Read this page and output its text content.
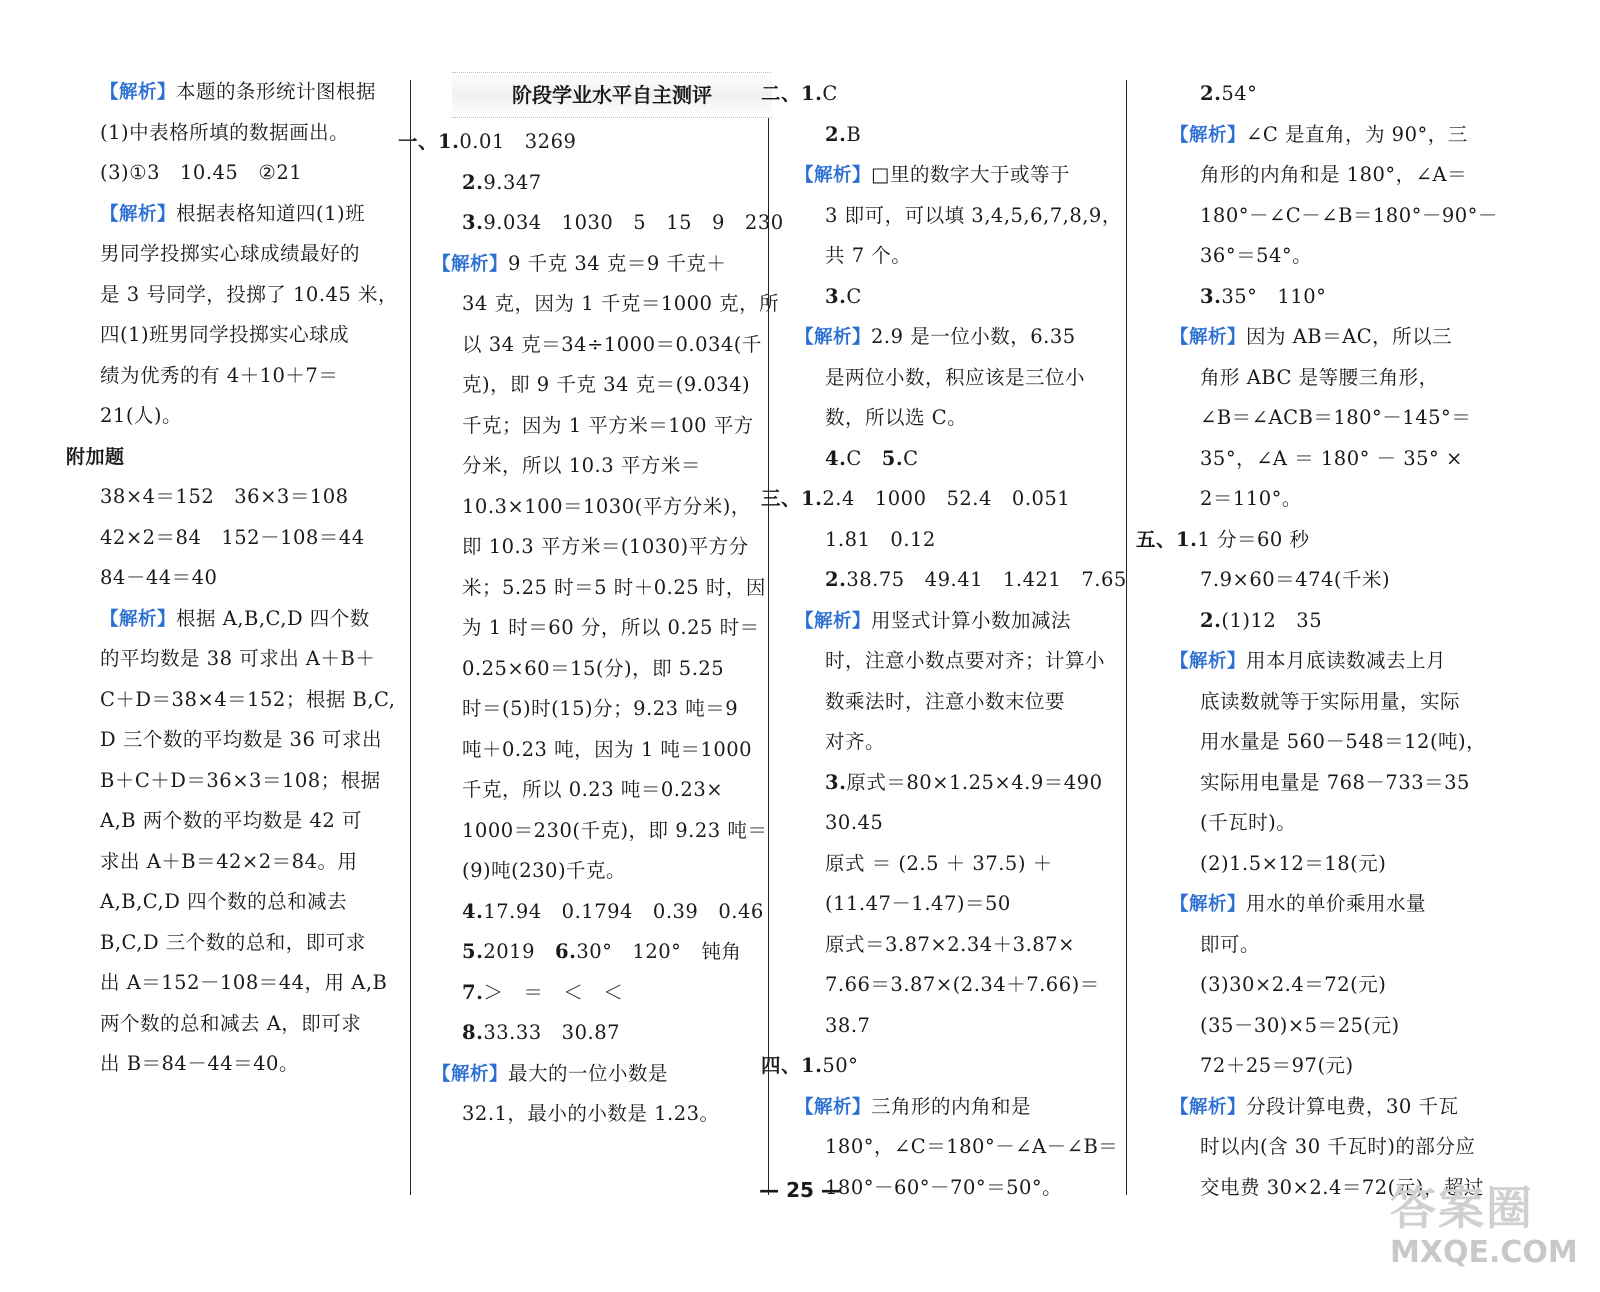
【解析】本题的条形统计图根据
(1)中表格所填的数据画出。
(3)①3　10.45　②21
【解析】根据表格知道四(1)班
男同学投掷实心球成绩最好的
是 3 号同学，投掷了 10.45 米，
四(1)班男同学投掷实心球成
绩为优秀的有 4＋10＋7＝
21(人)。
附加题
38×4＝152　36×3＝108
42×2＝84　152－108＝44
84－44＝40
【解析】根据 A,B,C,D 四个数
的平均数是 38 可求出 A＋B＋
C＋D＝38×4＝152；根据 B,C,
D 三个数的平均数是 36 可求出
B＋C＋D＝36×3＝108；根据
A,B 两个数的平均数是 42 可
求出 A＋B＝42×2＝84。用
A,B,C,D 四个数的总和减去
B,C,D 三个数的总和，即可求
出 A＝152－108＝44，用 A,B
两个数的总和减去 A，即可求
出 B＝84－44＝40。
阶段学业水平自主测评
一、1.0.01　3269
2.9.347
3.9.034　1030　5　15　9　230
【解析】9 千克 34 克＝9 千克＋
34 克，因为 1 千克＝1000 克，所
以 34 克＝34÷1000＝0.034(千
克)，即 9 千克 34 克＝(9.034)
千克；因为 1 平方米＝100 平方
分米，所以 10.3 平方米＝
10.3×100＝1030(平方分米)，
即 10.3 平方米＝(1030)平方分
米；5.25 时＝5 时＋0.25 时，因
为 1 时＝60 分，所以 0.25 时＝
0.25×60＝15(分)，即 5.25
时＝(5)时(15)分；9.23 吨＝9
吨＋0.23 吨，因为 1 吨＝1000
千克，所以 0.23 吨＝0.23×
1000＝230(千克)，即 9.23 吨＝
(9)吨(230)千克。
4.17.94　0.1794　0.39　0.46
5.2019　6.30°　120°　钝角
7.＞　＝　＜　＜
8.33.33　30.87
【解析】最大的一位小数是
32.1，最小的小数是 1.23。
二、1.C
2.B
【解析】□里的数字大于或等于
3 即可，可以填 3,4,5,6,7,8,9，
共 7 个。
3.C
【解析】2.9 是一位小数，6.35
是两位小数，积应该是三位小
数，所以选 C。
4.C　5.C
三、1.2.4　1000　52.4　0.051
1.81　0.12
2.38.75　49.41　1.421　7.65
【解析】用竖式计算小数加减法
时，注意小数点要对齐；计算小
数乘法时，注意小数末位要
对齐。
3.原式＝80×1.25×4.9＝490
30.45
原式 ＝ (2.5 ＋ 37.5) ＋
(11.47－1.47)＝50
原式＝3.87×2.34＋3.87×
7.66＝3.87×(2.34＋7.66)＝
38.7
四、1.50°
【解析】三角形的内角和是
180°，∠C＝180°－∠A－∠B＝
180°－60°－70°＝50°。
2.54°
【解析】∠C 是直角，为 90°，三
角形的内角和是 180°，∠A＝
180°－∠C－∠B＝180°－90°－
36°＝54°。
3.35°　110°
【解析】因为 AB＝AC，所以三
角形 ABC 是等腰三角形，
∠B＝∠ACB＝180°－145°＝
35°，∠A ＝ 180° － 35° ×
2＝110°。
五、1.1 分＝60 秒
7.9×60＝474(千米)
2.(1)12　35
【解析】用本月底读数减去上月
底读数就等于实际用量，实际
用水量是 560－548＝12(吨)，
实际用电量是 768－733＝35
(千瓦时)。
(2)1.5×12＝18(元)
【解析】用水的单价乘用水量
即可。
(3)30×2.4＝72(元)
(35－30)×5＝25(元)
72＋25＝97(元)
【解析】分段计算电费，30 千瓦
时以内(含 30 千瓦时)的部分应
交电费 30×2.4＝72(元)，超过
— 25 —	答案圈
MXQE.COM
